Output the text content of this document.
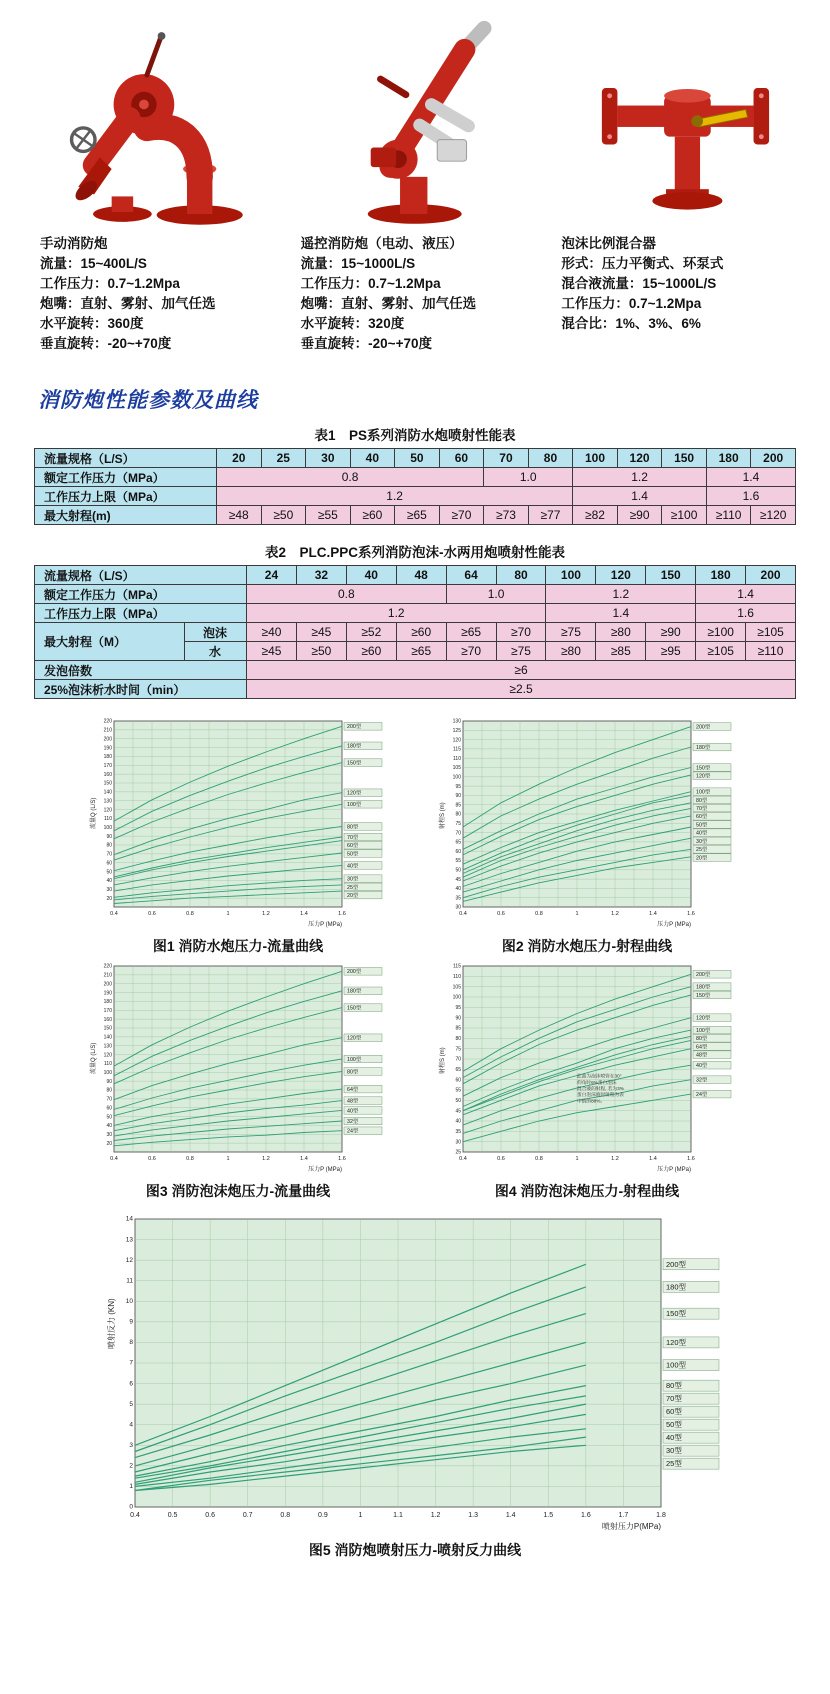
手动消防炮
流量：15~400L/S
工作压力：0.7~1.2Mpa
炮嘴：直射、雾射、加气任选
水平旋转：360度
垂直旋转：-20~+70度
遥控消防炮（电动、液压）
流量：15~1000L/S
工作压力：0.7~1.2Mpa
炮嘴：直射、雾射、加气任选
水平旋转：320度
垂直旋转：-20~+70度
泡沫比例混合器
形式：压力平衡式、环泵式
混合液流量：15~1000L/S
工作压力：0.7~1.2Mpa
混合比：1%、3%、6%
消防炮性能参数及曲线
表1　PS系列消防水炮喷射性能表
流量规格（L/S）	20	25	30	40	50	60	70	80	100	120	150	180	200
额定工作压力（MPa）	0.8						1.0		1.2			1.4	
工作压力上限（MPa）	1.2								1.4			1.6	
最大射程(m)	≥48	≥50	≥55	≥60	≥65	≥70	≥73	≥77	≥82	≥90	≥100	≥110	≥120
表2　PLC.PPC系列消防泡沫-水两用炮喷射性能表
流量规格（L/S）		24	32	40	48	64	80	100	120	150	180	200
额定工作压力（MPa）		0.8				1.0		1.2			1.4	
工作压力上限（MPa）		1.2						1.4			1.6	
最大射程（M）	泡沫	≥40	≥45	≥52	≥60	≥65	≥70	≥75	≥80	≥90	≥100	≥105
	水	≥45	≥50	≥60	≥65	≥70	≥75	≥80	≥85	≥95	≥105	≥110
发泡倍数		≥6										
25%泡沫析水时间（min）		≥2.5										
20
30
40
50
60
70
80
90
100
110
120
130
140
150
160
170
180
190
200
210
220
0.4	0.6	0.8	1	1.2	1.4	1.6
200型
180型
150型
120型
100型
80型
70型
60型
50型
40型
30型
25型
20型
流量Q (L/S)
压力P (MPa)
图1 消防水炮压力-流量曲线
30
35
40
45
50
55
60
65
70
75
80
85
90
95
100
105
110
115
120
125
130
0.4	0.6	0.8	1	1.2	1.4	1.6
200型
180型
150型
120型
100型
80型
70型
60型
50型
40型
30型
25型
20型
射程S (m)
压力P (MPa)
图2 消防水炮压力-射程曲线
20
30
40
50
60
70
80
90
100
110
120
130
140
150
160
170
180
190
200
210
220
0.4	0.6	0.8	1	1.2	1.4	1.6
200型
180型
150型
120型
100型
80型
64型
48型
40型
32型
24型
流量Q (L/S)
压力P (MPa)
图3 消防泡沫炮压力-流量曲线
25
30
35
40
45
50
55
60
65
70
75
80
85
90
95
100
105
110
115
0.4	0.6	0.8	1	1.2	1.4	1.6
200型
180型
150型
120型
100型
80型
64型
48型
40型
32型
24型
射程S (m)
压力P (MPa)
此曲为泡沫喷管在30°
仰角时6%蛋白泡沫
混合液的射程, 若为3%
蛋白泡沫液时射程为表
中值的88%。
图4 消防泡沫炮压力-射程曲线
0
1
2
3
4
5
6
7
8
9
10
11
12
13
14
0.4	0.5	0.6	0.7	0.8	0.9	1	1.1	1.2	1.3	1.4	1.5	1.6	1.7	1.8
200型
180型
150型
120型
100型
80型
70型
60型
50型
40型
30型
25型
喷射反力 (KN)
喷射压力P(MPa)
图5 消防炮喷射压力-喷射反力曲线
